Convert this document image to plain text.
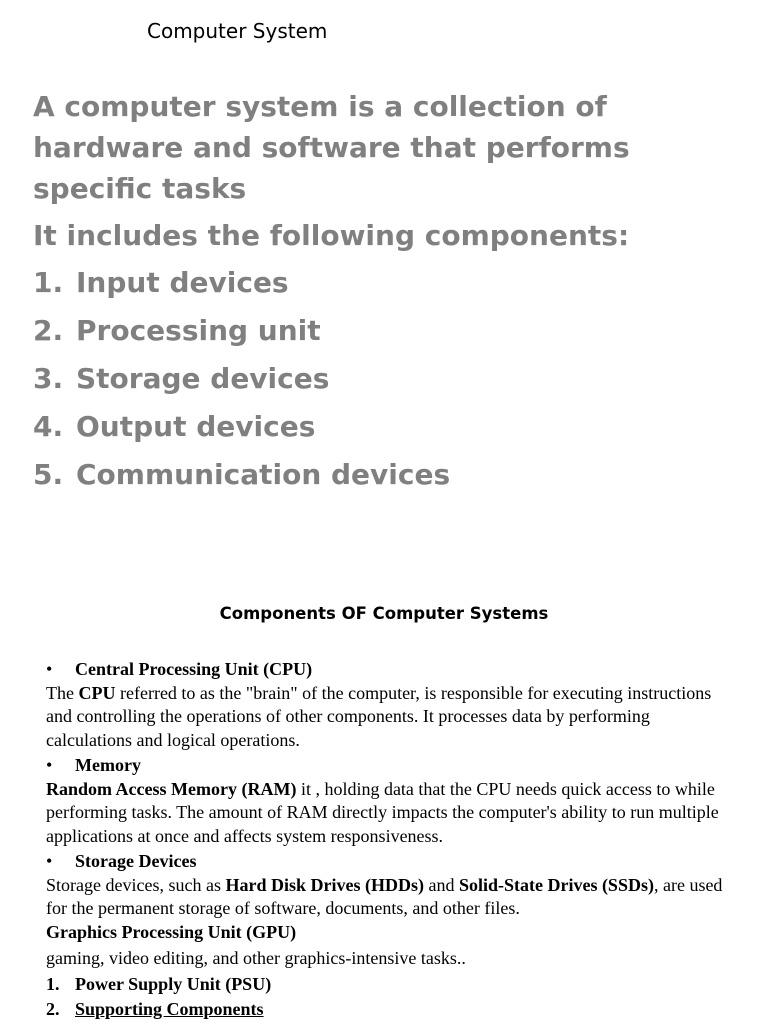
Computer System

A computer system is a collection of hardware and software that performs specific tasks

It includes the following components:

1. Input devices
2. Processing unit
3. Storage devices
4. Output devices
5. Communication devices

Components OF Computer Systems

•	Central Processing Unit (CPU)

The CPU referred to as the "brain" of the computer, is responsible for executing instructions and controlling the operations of other components. It processes data by performing calculations and logical operations.

•	Memory

Random Access Memory (RAM) it , holding data that the CPU needs quick access to while performing tasks. The amount of RAM directly impacts the computer's ability to run multiple applications at once and affects system responsiveness.

•	Storage Devices

Storage devices, such as Hard Disk Drives (HDDs) and Solid-State Drives (SSDs), are used for the permanent storage of software, documents, and other files.

Graphics Processing Unit (GPU)

gaming, video editing, and other graphics-intensive tasks..

1. Power Supply Unit (PSU)
2. Supporting Components
